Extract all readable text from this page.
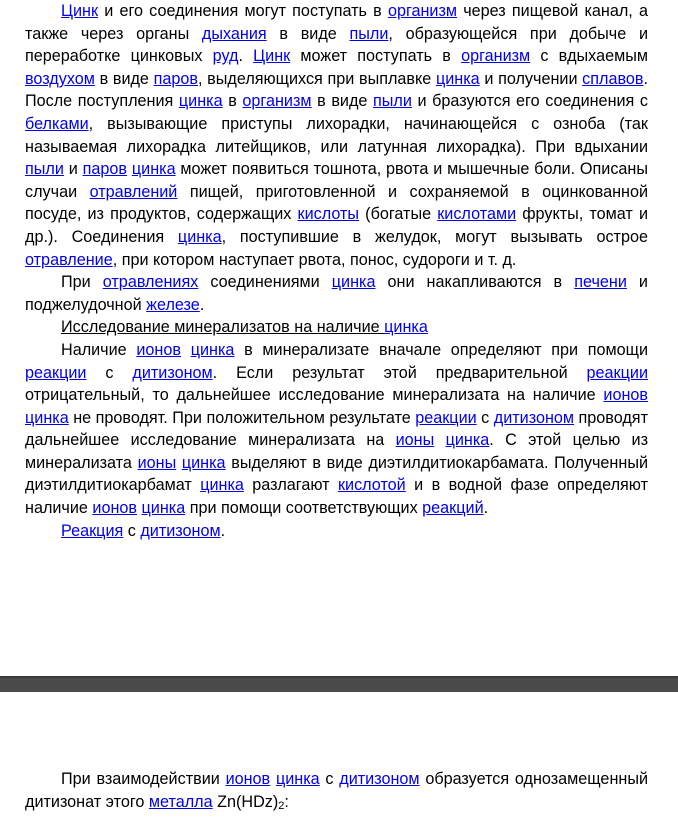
Цинк и его соединения могут поступать в организм через пищевой канал, а также через органы дыхания в виде пыли, образующейся при добыче и переработке цинковых руд. Цинк может поступать в организм с вдыхаемым воздухом в виде паров, выделяющихся при выплавке цинка и получении сплавов. После поступления цинка в организм в виде пыли и бразуются его соединения с белками, вызывающие приступы лихорадки, начинающейся с озноба (так называемая лихорадка литейщиков, или латунная лихорадка). При вдыхании пыли и паров цинка может появиться тошнота, рвота и мышечные боли. Описаны случаи отравлений пищей, приготовленной и сохраняемой в оцинкованной посуде, из продуктов, содержащих кислоты (богатые кислотами фрукты, томат и др.). Соединения цинка, поступившие в желудок, могут вызывать острое отравление, при котором наступает рвота, понос, судороги и т. д.

При отравлениях соединениями цинка они накапливаются в печени и поджелудочной железе.

Исследование минерализатов на наличие цинка

Наличие ионов цинка в минерализате вначале определяют при помощи реакции с дитизоном. Если результат этой предварительной реакции отрицательный, то дальнейшее исследование минерализата на наличие ионов цинка не проводят. При положительном результате реакции с дитизоном проводят дальнейшее исследование минерализата на ионы цинка. С этой целью из минерализата ионы цинка выделяют в виде диэтилдитиокарбамата. Полученный диэтилдитиокарбамат цинка разлагают кислотой и в водной фазе определяют наличие ионов цинка при помощи соответствующих реакций.

Реакция с дитизоном.

При взаимодействии ионов цинка с дитизоном образуется однозамещенный дитизонат этого металла $Zn(HDz)_2$:
